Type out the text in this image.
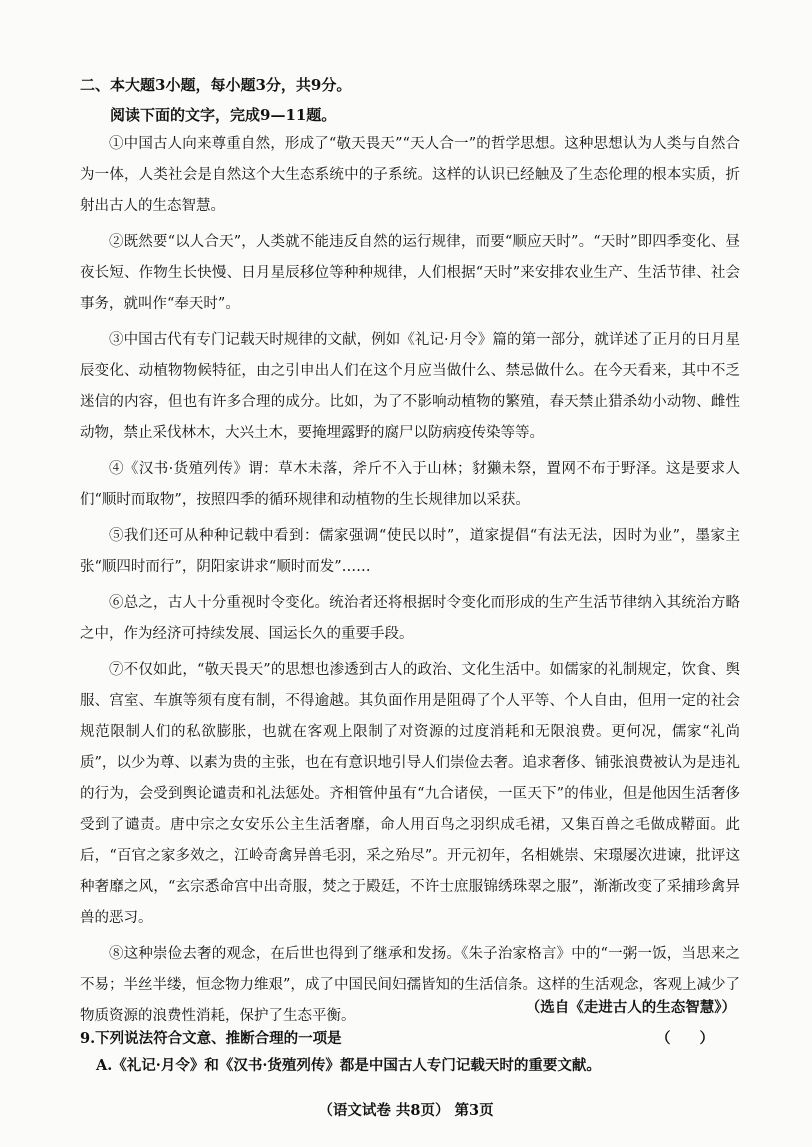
二、本大题3小题，每小题3分，共9分。
阅读下面的文字，完成9—11题。

①中国古人向来尊重自然，形成了“敬天畏天”“天人合一”的哲学思想。这种思想认为人类与自然合为一体，人类社会是自然这个大生态系统中的子系统。这样的认识已经触及了生态伦理的根本实质，折射出古人的生态智慧。

②既然要“以人合天”，人类就不能违反自然的运行规律，而要“顺应天时”。“天时”即四季变化、昼夜长短、作物生长快慢、日月星辰移位等种种规律，人们根据“天时”来安排农业生产、生活节律、社会事务，就叫作“奉天时”。

③中国古代有专门记载天时规律的文献，例如《礼记·月令》篇的第一部分，就详述了正月的日月星辰变化、动植物物候特征，由之引申出人们在这个月应当做什么、禁忌做什么。在今天看来，其中不乏迷信的内容，但也有许多合理的成分。比如，为了不影响动植物的繁殖，春天禁止猎杀幼小动物、雌性动物，禁止采伐林木，大兴土木，要掩埋露野的腐尸以防病疫传染等等。

④《汉书·货殖列传》谓：草木未落，斧斤不入于山林；豺獭未祭，置网不布于野泽。这是要求人们“顺时而取物”，按照四季的循环规律和动植物的生长规律加以采获。

⑤我们还可从种种记载中看到：儒家强调“使民以时”，道家提倡“有法无法，因时为业”，墨家主张“顺四时而行”，阴阳家讲求“顺时而发”……

⑥总之，古人十分重视时令变化。统治者还将根据时令变化而形成的生产生活节律纳入其统治方略之中，作为经济可持续发展、国运长久的重要手段。

⑦不仅如此，“敬天畏天”的思想也渗透到古人的政治、文化生活中。如儒家的礼制规定，饮食、舆服、宫室、车旗等须有度有制，不得逾越。其负面作用是阻碍了个人平等、个人自由，但用一定的社会规范限制人们的私欲膨胀，也就在客观上限制了对资源的过度消耗和无限浪费。更何况，儒家“礼尚质”，以少为尊、以素为贵的主张，也在有意识地引导人们崇俭去奢。追求奢侈、铺张浪费被认为是违礼的行为，会受到舆论谴责和礼法惩处。齐相管仲虽有“九合诸侯，一匡天下”的伟业，但是他因生活奢侈受到了谴责。唐中宗之女安乐公主生活奢靡，命人用百鸟之羽织成毛裙，又集百兽之毛做成鞯面。此后，“百官之家多效之，江岭奇禽异兽毛羽，采之殆尽”。开元初年，名相姚崇、宋璟屡次进谏，批评这种奢靡之风，“玄宗悉命宫中出奇服，焚之于殿廷，不许士庶服锦绣珠翠之服”，渐渐改变了采捕珍禽异兽的恶习。

⑧这种崇俭去奢的观念，在后世也得到了继承和发扬。《朱子治家格言》中的“一粥一饭，当思来之不易；半丝半缕，恒念物力维艰”，成了中国民间妇孺皆知的生活信条。这样的生活观念，客观上减少了物质资源的浪费性消耗，保护了生态平衡。	（选自《走进古人的生态智慧》）
9.下列说法符合文意、推断合理的一项是	（ ）
A.《礼记·月令》和《汉书·货殖列传》都是中国古人专门记载天时的重要文献。
（语文试卷 共8页） 第3页
